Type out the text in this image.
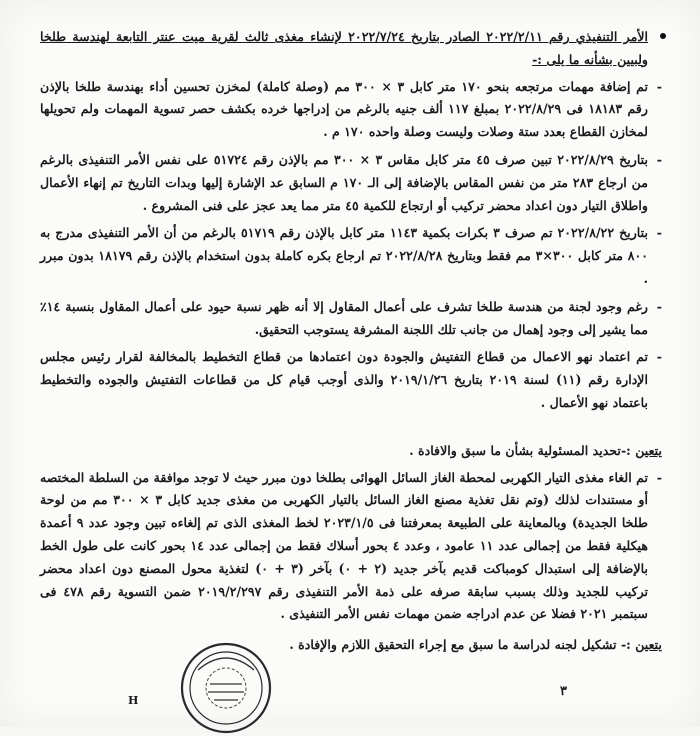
الأمر التنفيذي رقم ٢٠٢٢/٢/١١ الصادر بتاريخ ٢٠٢٢/٧/٢٤ لإنشاء مغذى ثالث لقرية ميت عنتر التابعة لهندسة طلخا ولبيين بشأنه ما يلى :-
-
تم إضافة مهمات مرتجعه بنحو ١٧٠ متر كابل ٣ × ٣٠٠ مم (وصلة كاملة) لمخزن تحسين أداء بهندسة طلخا بالإذن رقم ١٨١٨٣ فى ٢٠٢٢/٨/٢٩ بمبلغ ١١٧ ألف جنيه بالرغم من إدراجها خرده بكشف حصر تسوية المهمات ولم تحويلها لمخازن القطاع بعدد ستة وصلات وليست وصلة واحده ١٧٠ م .
-
بتاريخ ٢٠٢٢/٨/٢٩ تبين صرف ٤٥ متر كابل مقاس ٣ × ٣٠٠ مم بالإذن رقم ٥١٧٢٤ على نفس الأمر التنفيذى بالرغم من ارجاع ٢٨٣ متر من نفس المقاس بالإضافة إلى الـ ١٧٠ م السابق عد الإشارة إليها وبدات التاريخ تم إنهاء الأعمال واطلاق التيار دون اعداد محضر تركيب أو ارتجاع للكمية ٤٥ متر مما يعد عجز على فنى المشروع .
-
بتاريخ ٢٠٢٢/٨/٢٢ تم صرف ٣ بكرات بكمية ١١٤٣ متر كابل بالإذن رقم ٥١٧١٩ بالرغم من أن الأمر التنفيذى مدرج به ٨٠٠ متر كابل ٣٠٠×٣ مم فقط وبتاريخ ٢٠٢٢/٨/٢٨ تم ارجاع بكره كاملة بدون استخدام بالإذن رقم ١٨١٧٩ بدون مبرر .
-
رغم وجود لجنة من هندسة طلخا تشرف على أعمال المقاول إلا أنه ظهر نسبة حيود على أعمال المقاول بنسبة ١٤٪ مما يشير إلى وجود إهمال من جانب تلك اللجنة المشرفة يستوجب التحقيق.
-
تم اعتماد نهو الاعمال من قطاع التفتيش والجودة دون اعتمادها من قطاع التخطيط بالمخالفة لقرار رئيس مجلس الإدارة رقم (١١) لسنة ٢٠١٩ بتاريخ ٢٠١٩/١/٢٦ والذى أوجب قيام كل من قطاعات التفتيش والجوده والتخطيط باعتماد نهو الأعمال .
يتعين :-تحديد المسئولية بشأن ما سبق والافادة .
-
تم الغاء مغذى التيار الكهربى لمحطة الغاز السائل الهوائى بطلخا دون مبرر حيث لا توجد موافقة من السلطة المختصه أو مستندات لذلك (وتم نقل تغذية مصنع الغاز السائل بالتيار الكهربى من مغذى جديد كابل ٣ × ٣٠٠ مم من لوحة طلخا الجديدة) وبالمعاينة على الطبيعة بمعرفتنا فى ٢٠٢٣/١/٥ لخط المغذى الذى تم إلغاءه تبين وجود عدد ٩ أعمدة هيكلية فقط من إجمالى عدد ١١ عامود ، وعدد ٤ بحور أسلاك فقط من إجمالى عدد ١٤ بحور كانت على طول الخط بالإضافة إلى استبدال كومباكت قديم بآخر جديد (٢ + ٠) بآخر (٣ + ٠) لتغذية محول المصنع دون اعداد محضر تركيب للجديد وذلك بسبب سابقة صرفه على ذمة الأمر التنفيذى رقم ٢٠١٩/٢/٢٩٧ ضمن التسوية رقم ٤٧٨ فى سبتمبر ٢٠٢١ فضلا عن عدم ادراجه ضمن مهمات نفس الأمر التنفيذى .
يتعين :- تشكيل لجنه لدراسة ما سبق مع إجراء التحقيق اللازم والإفادة .
٣
H
